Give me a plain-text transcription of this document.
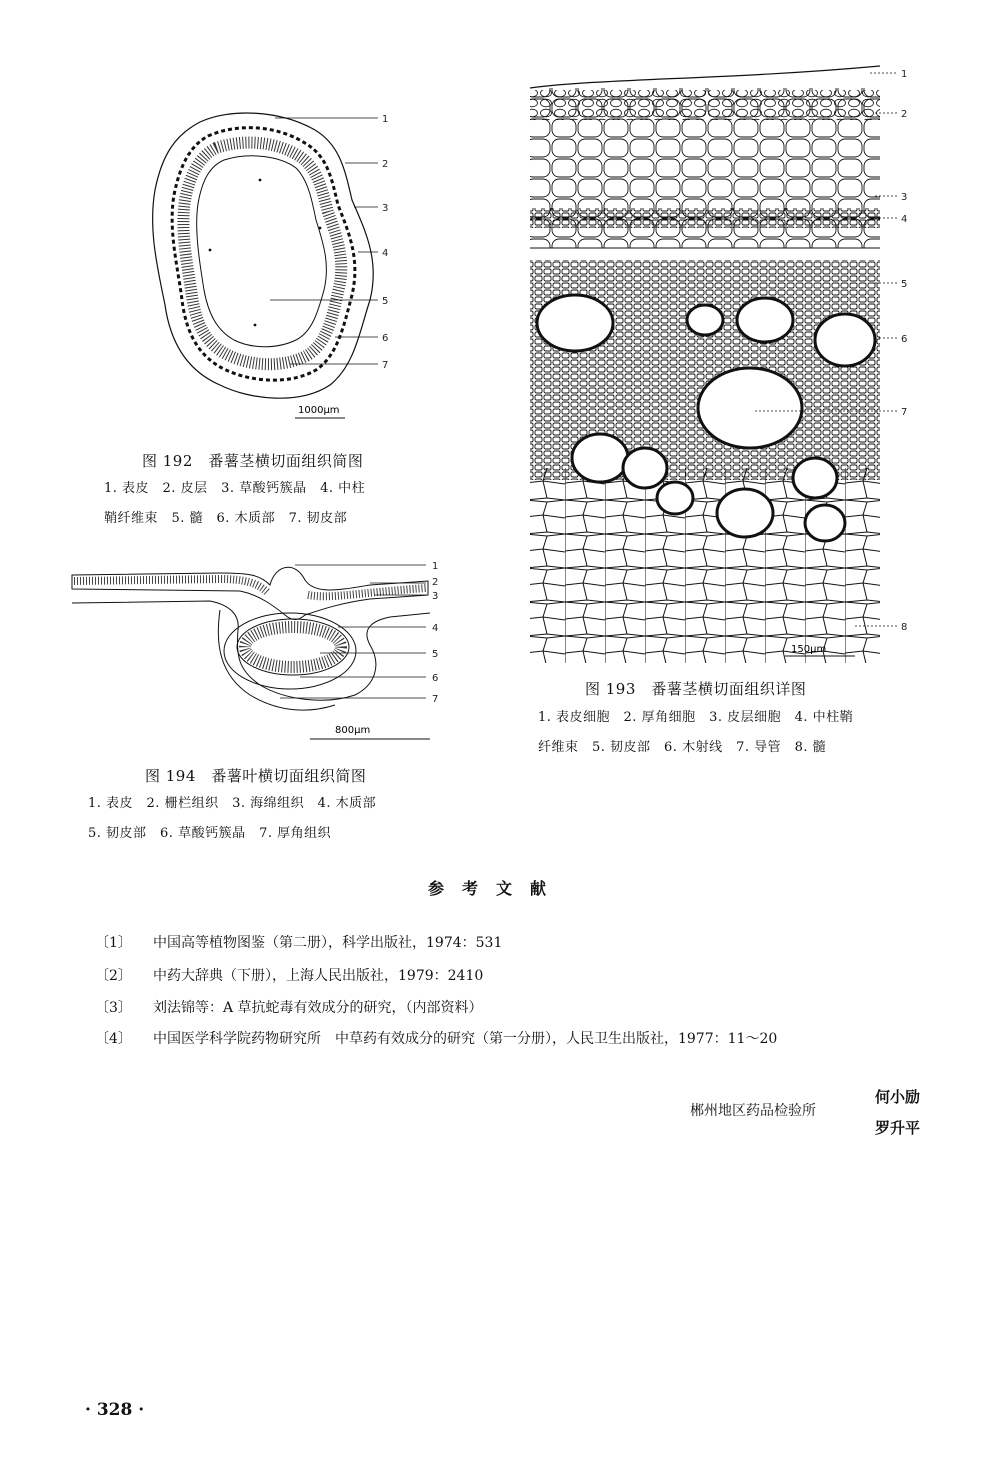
1
2
3
4
5
6
7
1000μm
图 192　番薯茎横切面组织简图
1. 表皮　2. 皮层　3. 草酸钙簇晶　4. 中柱
鞘纤维束　5. 髓　6. 木质部　7. 韧皮部
1
2
3
4
5
6
7
800μm
图 194　番薯叶横切面组织简图
1. 表皮　2. 栅栏组织　3. 海绵组织　4. 木质部
5. 韧皮部　6. 草酸钙簇晶　7. 厚角组织
1
2
3
4
5
6
7
8
150μm
图 193　番薯茎横切面组织详图
1. 表皮细胞　2. 厚角细胞　3. 皮层细胞　4. 中柱鞘
纤维束　5. 韧皮部　6. 木射线　7. 导管　8. 髓
参考文献
〔1〕 中国高等植物图鉴（第二册），科学出版社，1974：531
〔2〕 中药大辞典（下册），上海人民出版社，1979：2410
〔3〕 刘法锦等：A 草抗蛇毒有效成分的研究，（内部资料）
〔4〕 中国医学科学院药物研究所　中草药有效成分的研究（第一分册），人民卫生出版社，1977：11～20
郴州地区药品检验所
何小励
罗升平
· 328 ·
